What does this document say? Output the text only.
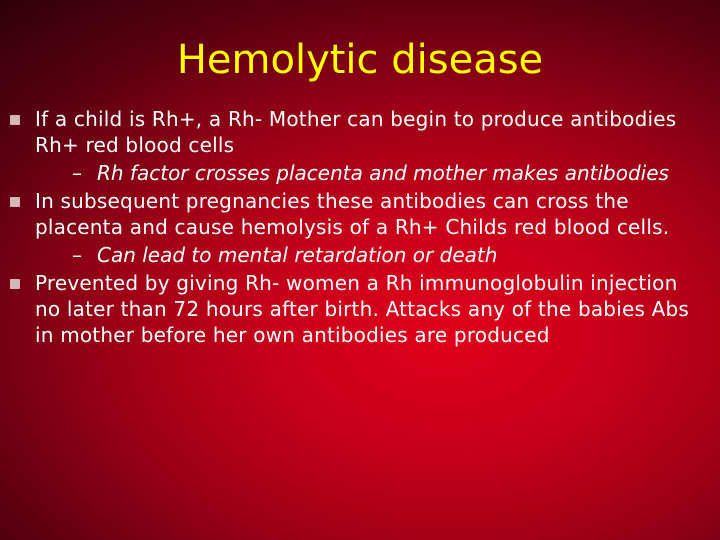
Hemolytic disease
If a child is Rh+, a Rh- Mother can begin to produce antibodies Rh+ red blood cells
– Rh factor crosses placenta and mother makes antibodies
In subsequent pregnancies these antibodies can cross the placenta and cause hemolysis of a Rh+ Childs red blood cells.
– Can lead to mental retardation or death
Prevented by giving Rh- women a Rh immunoglobulin injection no later than 72 hours after birth. Attacks any of the babies Abs in mother before her own antibodies are produced
